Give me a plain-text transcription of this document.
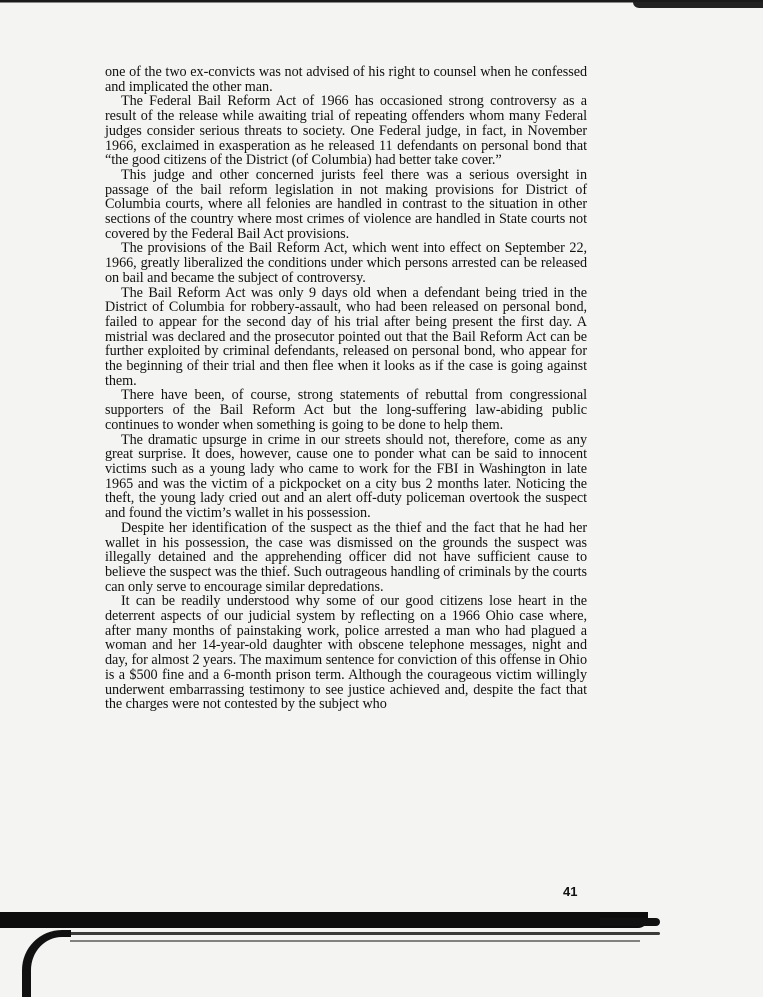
one of the two ex-convicts was not advised of his right to counsel when he confessed and implicated the other man.

The Federal Bail Reform Act of 1966 has occasioned strong controversy as a result of the release while awaiting trial of repeating offenders whom many Federal judges consider serious threats to society. One Federal judge, in fact, in November 1966, exclaimed in exasperation as he released 11 defendants on personal bond that “the good citizens of the District (of Columbia) had better take cover.”

This judge and other concerned jurists feel there was a serious oversight in passage of the bail reform legislation in not making provisions for District of Columbia courts, where all felonies are handled in contrast to the situation in other sections of the country where most crimes of violence are handled in State courts not covered by the Federal Bail Act provisions.

The provisions of the Bail Reform Act, which went into effect on September 22, 1966, greatly liberalized the conditions under which persons arrested can be released on bail and became the subject of controversy.

The Bail Reform Act was only 9 days old when a defendant being tried in the District of Columbia for robbery-assault, who had been released on personal bond, failed to appear for the second day of his trial after being present the first day. A mistrial was declared and the prosecutor pointed out that the Bail Reform Act can be further exploited by criminal defendants, released on personal bond, who appear for the beginning of their trial and then flee when it looks as if the case is going against them.

There have been, of course, strong statements of rebuttal from congressional supporters of the Bail Reform Act but the long-suffering law-abiding public continues to wonder when something is going to be done to help them.

The dramatic upsurge in crime in our streets should not, therefore, come as any great surprise. It does, however, cause one to ponder what can be said to innocent victims such as a young lady who came to work for the FBI in Washington in late 1965 and was the victim of a pickpocket on a city bus 2 months later. Noticing the theft, the young lady cried out and an alert off-duty policeman overtook the suspect and found the victim’s wallet in his possession.

Despite her identification of the suspect as the thief and the fact that he had her wallet in his possession, the case was dismissed on the grounds the suspect was illegally detained and the apprehending officer did not have sufficient cause to believe the suspect was the thief. Such outrageous handling of criminals by the courts can only serve to encourage similar depredations.

It can be readily understood why some of our good citizens lose heart in the deterrent aspects of our judicial system by reflecting on a 1966 Ohio case where, after many months of painstaking work, police arrested a man who had plagued a woman and her 14-year-old daughter with obscene telephone messages, night and day, for almost 2 years. The maximum sentence for conviction of this offense in Ohio is a $500 fine and a 6-month prison term. Although the courageous victim willingly underwent embarrassing testimony to see justice achieved and, despite the fact that the charges were not contested by the subject who

41
